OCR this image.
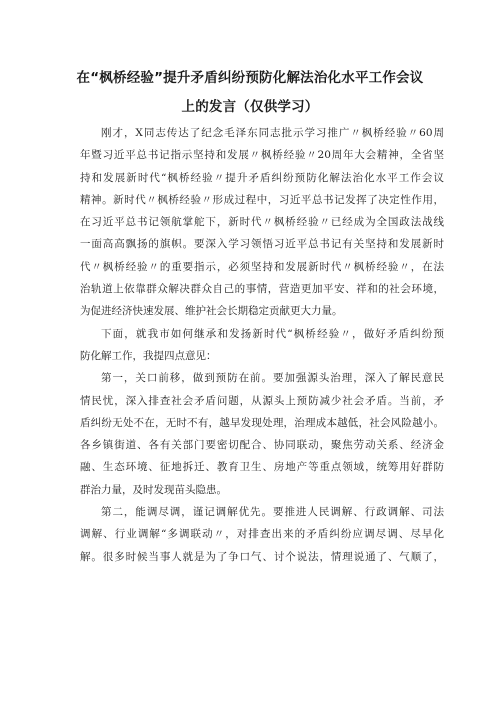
在“枫桥经验”提升矛盾纠纷预防化解法治化水平工作会议
上的发言（仅供学习）
刚才，X同志传达了纪念毛泽东同志批示学习推广〃枫桥经验〃60周
年暨习近平总书记指示坚持和发展〃枫桥经验〃20周年大会精神，全省坚
持和发展新时代“枫桥经验〃提升矛盾纠纷预防化解法治化水平工作会议
精神。新时代〃枫桥经验〃形成过程中，习近平总书记发挥了决定性作用，
在习近平总书记领航掌舵下，新时代〃枫桥经验〃已经成为全国政法战线
一面高高飘扬的旗帜。要深入学习领悟习近平总书记有关坚持和发展新时
代〃枫桥经验〃的重要指示，必须坚持和发展新时代〃枫桥经验〃，在法
治轨道上依靠群众解决群众自己的事情，营造更加平安、祥和的社会环境，
为促进经济快速发展、维护社会长期稳定贡献更大力量。
下面，就我市如何继承和发扬新时代“枫桥经验〃，做好矛盾纠纷预
防化解工作，我提四点意见：
第一，关口前移，做到预防在前。要加强源头治理，深入了解民意民
情民忧，深入排查社会矛盾问题，从源头上预防减少社会矛盾。当前，矛
盾纠纷无处不在，无时不有，越早发现处理，治理成本越低，社会风险越小。
各乡镇街道、各有关部门要密切配合、协同联动，聚焦劳动关系、经济金
融、生态环境、征地拆迁、教育卫生、房地产等重点领域，统筹用好群防
群治力量，及时发现苗头隐患。
第二，能调尽调，谨记调解优先。要推进人民调解、行政调解、司法
调解、行业调解“多调联动〃，对排查出来的矛盾纠纷应调尽调、尽早化
解。很多时候当事人就是为了争口气、讨个说法，情理说通了、气顺了，
